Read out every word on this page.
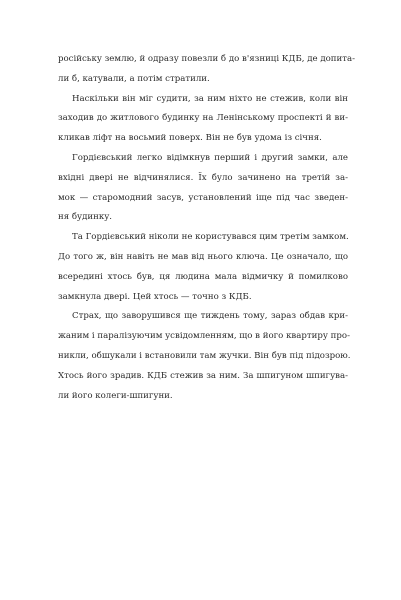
російську землю, й одразу повезли б до в'язниці КДБ, де допита-
ли б, катували, а потім стратили.
Наскільки він міг судити, за ним ніхто не стежив, коли він
заходив до житлового будинку на Ленінському проспекті й ви-
кликав ліфт на восьмий поверх. Він не був удома із січня.
Гордієвський легко відімкнув перший і другий замки, але
вхідні двері не відчинялися. Їх було зачинено на третій за-
мок — старомодний засув, установлений іще під час зведен-
ня будинку.
Та Гордієвський ніколи не користувався цим третім замком.
До того ж, він навіть не мав від нього ключа. Це означало, що
всередині хтось був, ця людина мала відмичку й помилково
замкнула двері. Цей хтось — точно з КДБ.
Страх, що заворушився ще тиждень тому, зараз обдав кри-
жаним і паралізуючим усвідомленням, що в його квартиру про-
никли, обшукали і встановили там жучки. Він був під підозрою.
Хтось його зрадив. КДБ стежив за ним. За шпигуном шпигува-
ли його колеги-шпигуни.
